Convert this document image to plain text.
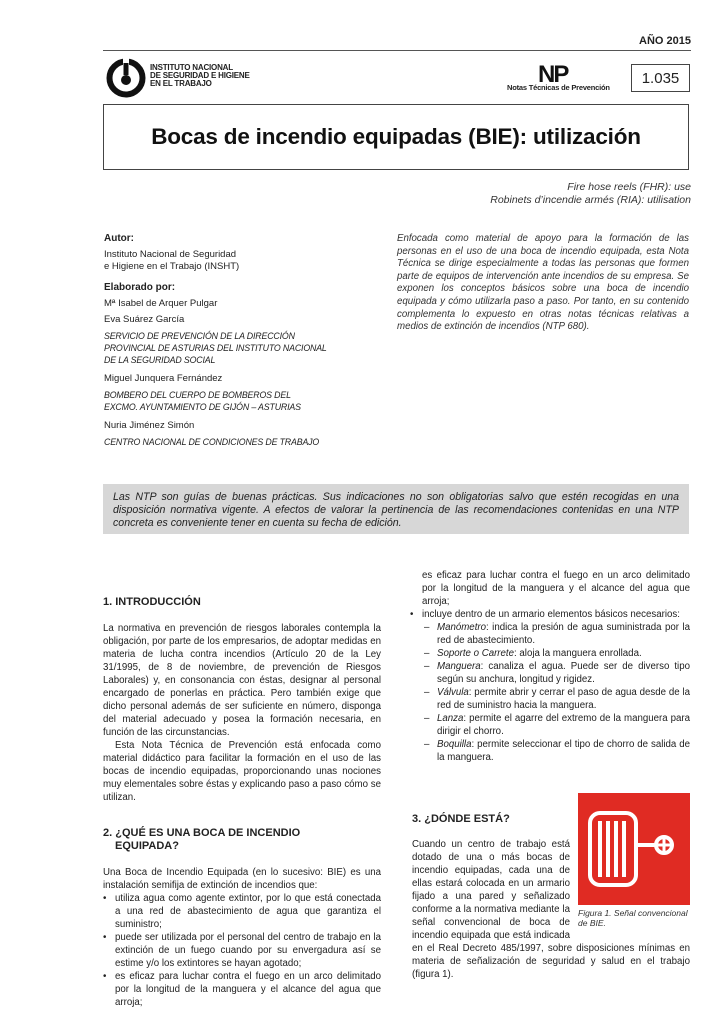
AÑO 2015
INSTITUTO NACIONAL
DE SEGURIDAD E HIGIENE
EN EL TRABAJO	NP
Notas Técnicas de Prevención
1.035
Bocas de incendio equipadas (BIE): utilización
Fire hose reels (FHR): use
Robinets d’incendie armés (RIA): utilisation

Autor:

Instituto Nacional de Seguridad

e Higiene en el Trabajo (INSHT)

Elaborado por:

Mª Isabel de Arquer Pulgar

Eva Suárez García

SERVICIO DE PREVENCIÓN DE LA DIRECCIÓN

PROVINCIAL DE ASTURIAS DEL INSTITUTO NACIONAL

DE LA SEGURIDAD SOCIAL

Miguel Junquera Fernández

BOMBERO DEL CUERPO DE BOMBEROS DEL

EXCMO. AYUNTAMIENTO DE GIJÓN – ASTURIAS

Nuria Jiménez Simón

CENTRO NACIONAL DE CONDICIONES DE TRABAJO

Enfocada como material de apoyo para la formación de las personas en el uso de una boca de incendio equipada, esta Nota Técnica se dirige especialmente a todas las personas que formen parte de equipos de intervención ante incendios de su empresa. Se exponen los conceptos básicos sobre una boca de incendio equipada y cómo utilizarla paso a paso. Por tanto, en su contenido complementa lo expuesto en otras notas técnicas relativas a medios de extinción de incendios (NTP 680).
Las NTP son guías de buenas prácticas. Sus indicaciones no son obligatorias salvo que estén recogidas en una disposición normativa vigente. A efectos de valorar la pertinencia de las recomendaciones contenidas en una NTP concreta es conveniente tener en cuenta su fecha de edición.

1. INTRODUCCIÓN

La normativa en prevención de riesgos laborales contempla la obligación, por parte de los empresarios, de adoptar medidas en materia de lucha contra incendios (Artículo 20 de la Ley 31/1995, de 8 de noviembre, de prevención de Riesgos Laborales) y, en consonancia con éstas, designar al personal encargado de ponerlas en práctica. Pero también exige que dicho personal además de ser suficiente en número, disponga del material adecuado y posea la formación necesaria, en función de las circunstancias.

Esta Nota Técnica de Prevención está enfocada como material didáctico para facilitar la formación en el uso de las bocas de incendio equipadas, proporcionando unas nociones muy elementales sobre éstas y explicando paso a paso cómo se utilizan.

2. ¿QUÉ ES UNA BOCA DE INCENDIO

EQUIPADA?

Una Boca de Incendio Equipada (en lo sucesivo: BIE) es una instalación semifija de extinción de incendios que:

• utiliza agua como agente extintor, por lo que está conectada a una red de abastecimiento de agua que garantiza el suministro;
• puede ser utilizada por el personal del centro de trabajo en la extinción de un fuego cuando por su envergadura así se estime y/o los extintores se hayan agotado;
• es eficaz para luchar contra el fuego en un arco delimitado por la longitud de la manguera y el alcance del agua que arroja;
es eficaz para luchar contra el fuego en un arco delimitado por la longitud de la manguera y el alcance del agua que arroja;
• incluye dentro de un armario elementos básicos necesarios:
– Manómetro: indica la presión de agua suministrada por la red de abastecimiento.
– Soporte o Carrete: aloja la manguera enrollada.
– Manguera: canaliza el agua. Puede ser de diverso tipo según su anchura, longitud y rigidez.
– Válvula: permite abrir y cerrar el paso de agua desde de la red de suministro hacia la manguera.
– Lanza: permite el agarre del extremo de la manguera para dirigir el chorro.
– Boquilla: permite seleccionar el tipo de chorro de salida de la manguera.

3. ¿DÓNDE ESTÁ?

Cuando un centro de trabajo está dotado de una o más bocas de incendio equipadas, cada una de ellas estará colocada en un armario fijado a una pared y señalizado conforme a la normativa mediante la señal convencional de boca de incendio equipada que está indicada en el Real Decreto 485/1997, sobre disposiciones mínimas en materia de señalización de seguridad y salud en el trabajo (figura 1).

Figura 1. Señal convencional de BIE.
